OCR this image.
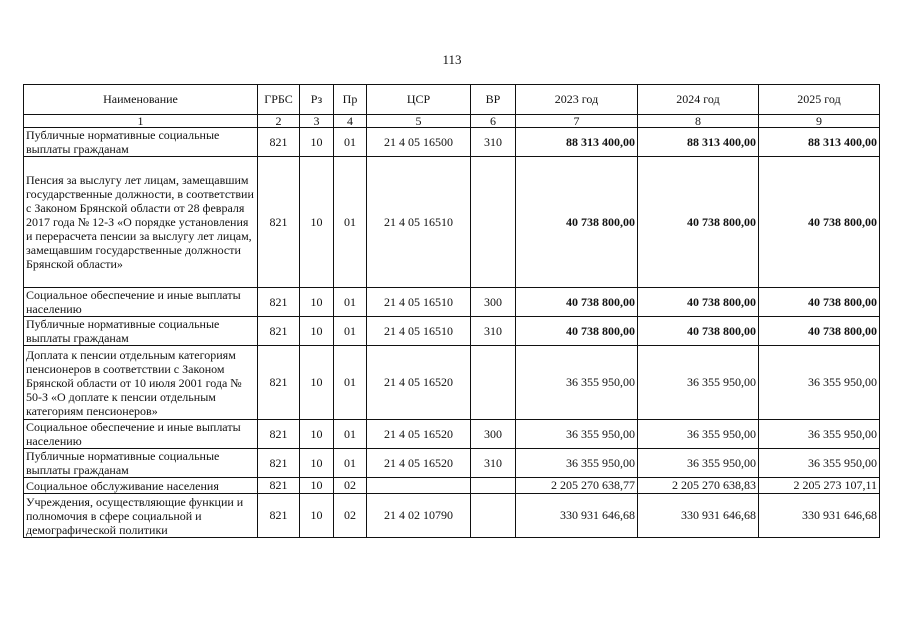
113
Наименование	ГРБС	Рз	Пр	ЦСР	ВР	2023 год	2024 год	2025 год
1	2	3	4	5	6	7	8	9
Публичные нормативные социальные выплаты гражданам	821	10	01	21 4 05 16500	310	88 313 400,00	88 313 400,00	88 313 400,00
Пенсия за выслугу лет лицам, замещавшим государственные должности, в соответствии с Законом Брянской области от 28 февраля 2017 года № 12-З «О порядке установления и перерасчета пенсии за выслугу лет лицам, замещавшим государственные должности Брянской области»	821	10	01	21 4 05 16510		40 738 800,00	40 738 800,00	40 738 800,00
Социальное обеспечение и иные выплаты населению	821	10	01	21 4 05 16510	300	40 738 800,00	40 738 800,00	40 738 800,00
Публичные нормативные социальные выплаты гражданам	821	10	01	21 4 05 16510	310	40 738 800,00	40 738 800,00	40 738 800,00
Доплата к пенсии отдельным категориям пенсионеров в соответствии с Законом Брянской области от 10 июля 2001 года № 50-З «О доплате к пенсии отдельным категориям пенсионеров»	821	10	01	21 4 05 16520		36 355 950,00	36 355 950,00	36 355 950,00
Социальное обеспечение и иные выплаты населению	821	10	01	21 4 05 16520	300	36 355 950,00	36 355 950,00	36 355 950,00
Публичные нормативные социальные выплаты гражданам	821	10	01	21 4 05 16520	310	36 355 950,00	36 355 950,00	36 355 950,00
Социальное обслуживание населения	821	10	02			2 205 270 638,77	2 205 270 638,83	2 205 273 107,11
Учреждения, осуществляющие функции и полномочия в сфере социальной и демографической политики	821	10	02	21 4 02 10790		330 931 646,68	330 931 646,68	330 931 646,68
